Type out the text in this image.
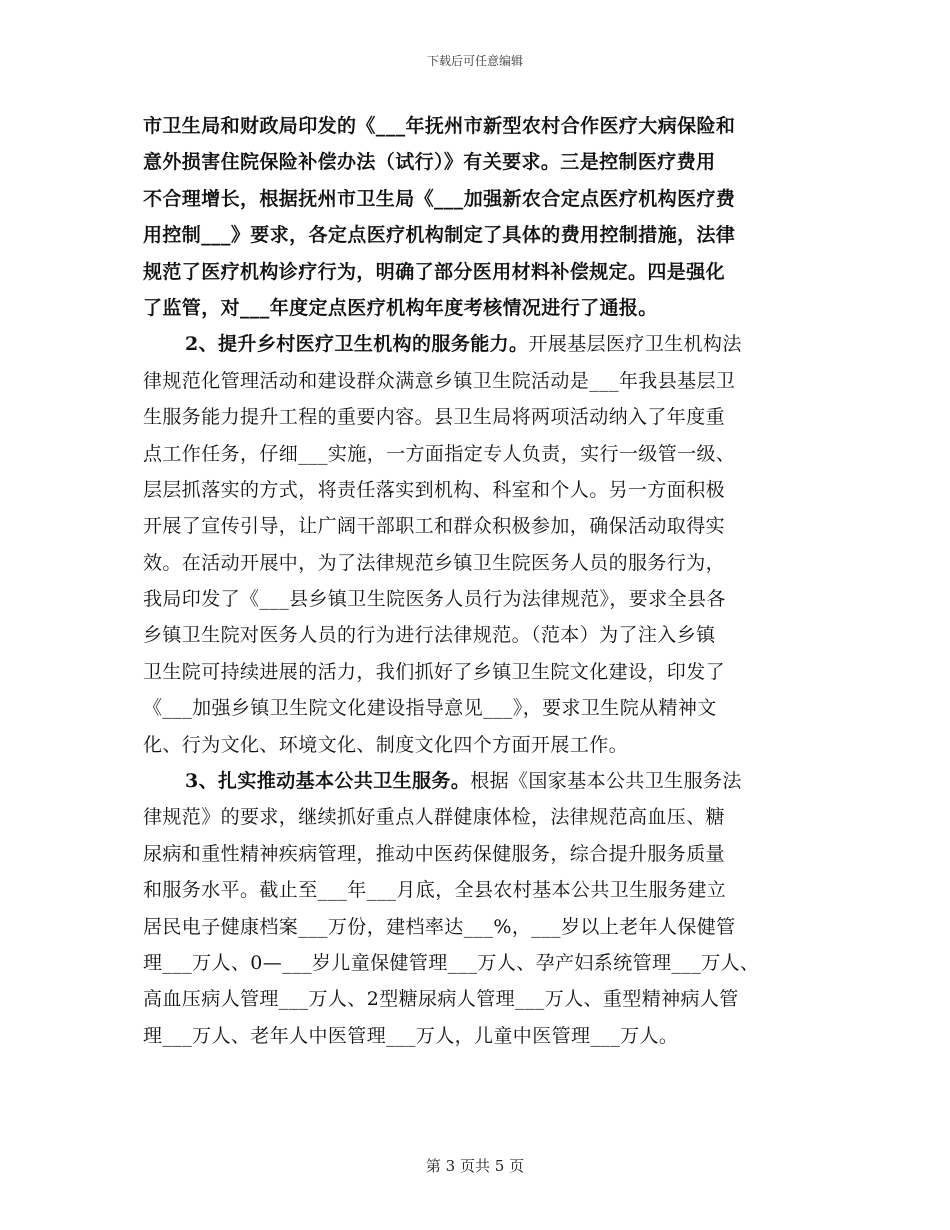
下载后可任意编辑
市卫生局和财政局印发的《___年抚州市新型农村合作医疗大病保险和
意外损害住院保险补偿办法（试行）》有关要求。三是控制医疗费用
不合理增长，根据抚州市卫生局《___加强新农合定点医疗机构医疗费
用控制___》要求，各定点医疗机构制定了具体的费用控制措施，法律
规范了医疗机构诊疗行为，明确了部分医用材料补偿规定。四是强化
了监管，对___年度定点医疗机构年度考核情况进行了通报。
2、提升乡村医疗卫生机构的服务能力。开展基层医疗卫生机构法
律规范化管理活动和建设群众满意乡镇卫生院活动是___年我县基层卫
生服务能力提升工程的重要内容。县卫生局将两项活动纳入了年度重
点工作任务，仔细___实施，一方面指定专人负责，实行一级管一级、
层层抓落实的方式，将责任落实到机构、科室和个人。另一方面积极
开展了宣传引导，让广阔干部职工和群众积极参加，确保活动取得实
效。在活动开展中，为了法律规范乡镇卫生院医务人员的服务行为，
我局印发了《___县乡镇卫生院医务人员行为法律规范》，要求全县各
乡镇卫生院对医务人员的行为进行法律规范。（范本）为了注入乡镇
卫生院可持续进展的活力，我们抓好了乡镇卫生院文化建设，印发了
《___加强乡镇卫生院文化建设指导意见___》，要求卫生院从精神文
化、行为文化、环境文化、制度文化四个方面开展工作。
3、扎实推动基本公共卫生服务。根据《国家基本公共卫生服务法
律规范》的要求，继续抓好重点人群健康体检，法律规范高血压、糖
尿病和重性精神疾病管理，推动中医药保健服务，综合提升服务质量
和服务水平。截止至___年___月底，全县农村基本公共卫生服务建立
居民电子健康档案___万份，建档率达___%，___岁以上老年人保健管
理___万人、0—___岁儿童保健管理___万人、孕产妇系统管理___万人、
高血压病人管理___万人、2型糖尿病人管理___万人、重型精神病人管
理___万人、老年人中医管理___万人，儿童中医管理___万人。
第 3 页共 5 页
